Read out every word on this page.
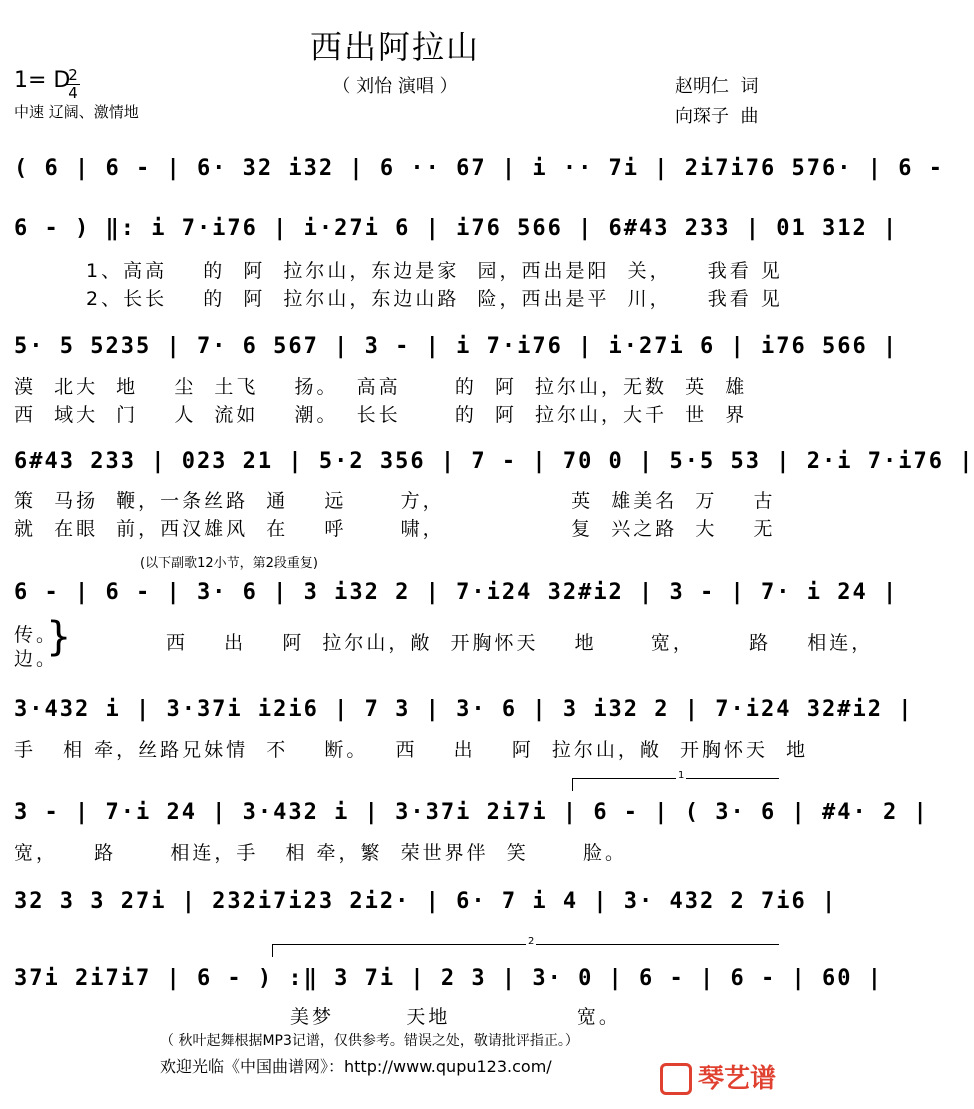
西出阿拉山
1= D
2
4
中速 辽阔、激情地
（ 刘怡 演唱 ）	赵明仁  词
向琛子  曲
( 6 | 6 - | 6· 32 i32 | 6 ·· 67 | i ·· 7i | 2i7i76 576· | 6 -
6 - ) ‖: i 7·i76 | i·27i 6 | i76 566 | 6#43 233 | 01 312 |
1、高高    的  阿  拉尔山，东边是家  园，西出是阳  关，    我看 见
2、长长    的  阿  拉尔山，东边山路  险，西出是平  川，    我看 见
5· 5 5235 | 7· 6 567 | 3 - | i 7·i76 | i·27i 6 | i76 566 |
漠  北大  地    尘  土飞    扬。  高高      的  阿  拉尔山，无数  英  雄
西  域大  门    人  流如    潮。  长长      的  阿  拉尔山，大千  世  界
6#43 233 | 023 21 | 5·2 356 | 7 - | 70 0 | 5·5 53 | 2·i 7·i76 |
策  马扬  鞭，一条丝路  通    远      方，              英  雄美名  万    古
就  在眼  前，西汉雄风  在    呼      啸，              复  兴之路  大    无
(以下副歌12小节，第2段重复)
6 - | 6 - | 3· 6 | 3 i32 2 | 7·i24 32#i2 | 3 - | 7· i 24 |
传。
边。
}	西    出    阿  拉尔山，敞  开胸怀天    地      宽，      路    相连，
3·432 i | 3·37i i2i6 | 7 3 | 3· 6 | 3 i32 2 | 7·i24 32#i2 |
手   相 牵，丝路兄妹情  不    断。   西    出    阿  拉尔山，敞  开胸怀天  地
1
3 - | 7·i 24 | 3·432 i | 3·37i 2i7i | 6 - | ( 3· 6 | #4· 2 |
宽，    路      相连，手   相 牵，繁  荣世界伴  笑      脸。
32 3 3 27i | 232i7i23 2i2· | 6· 7 i 4 | 3· 432 2 7i6 |
2
37i 2i7i7 | 6 - ) :‖ 3 7i | 2 3 | 3· 0 | 6 - | 6 - | 60 |
美梦        天地              宽。
（ 秋叶起舞根据MP3记谱，仅供参考。错误之处，敬请批评指正。）
欢迎光临《中国曲谱网》：http://www.qupu123.com/	琴艺谱
